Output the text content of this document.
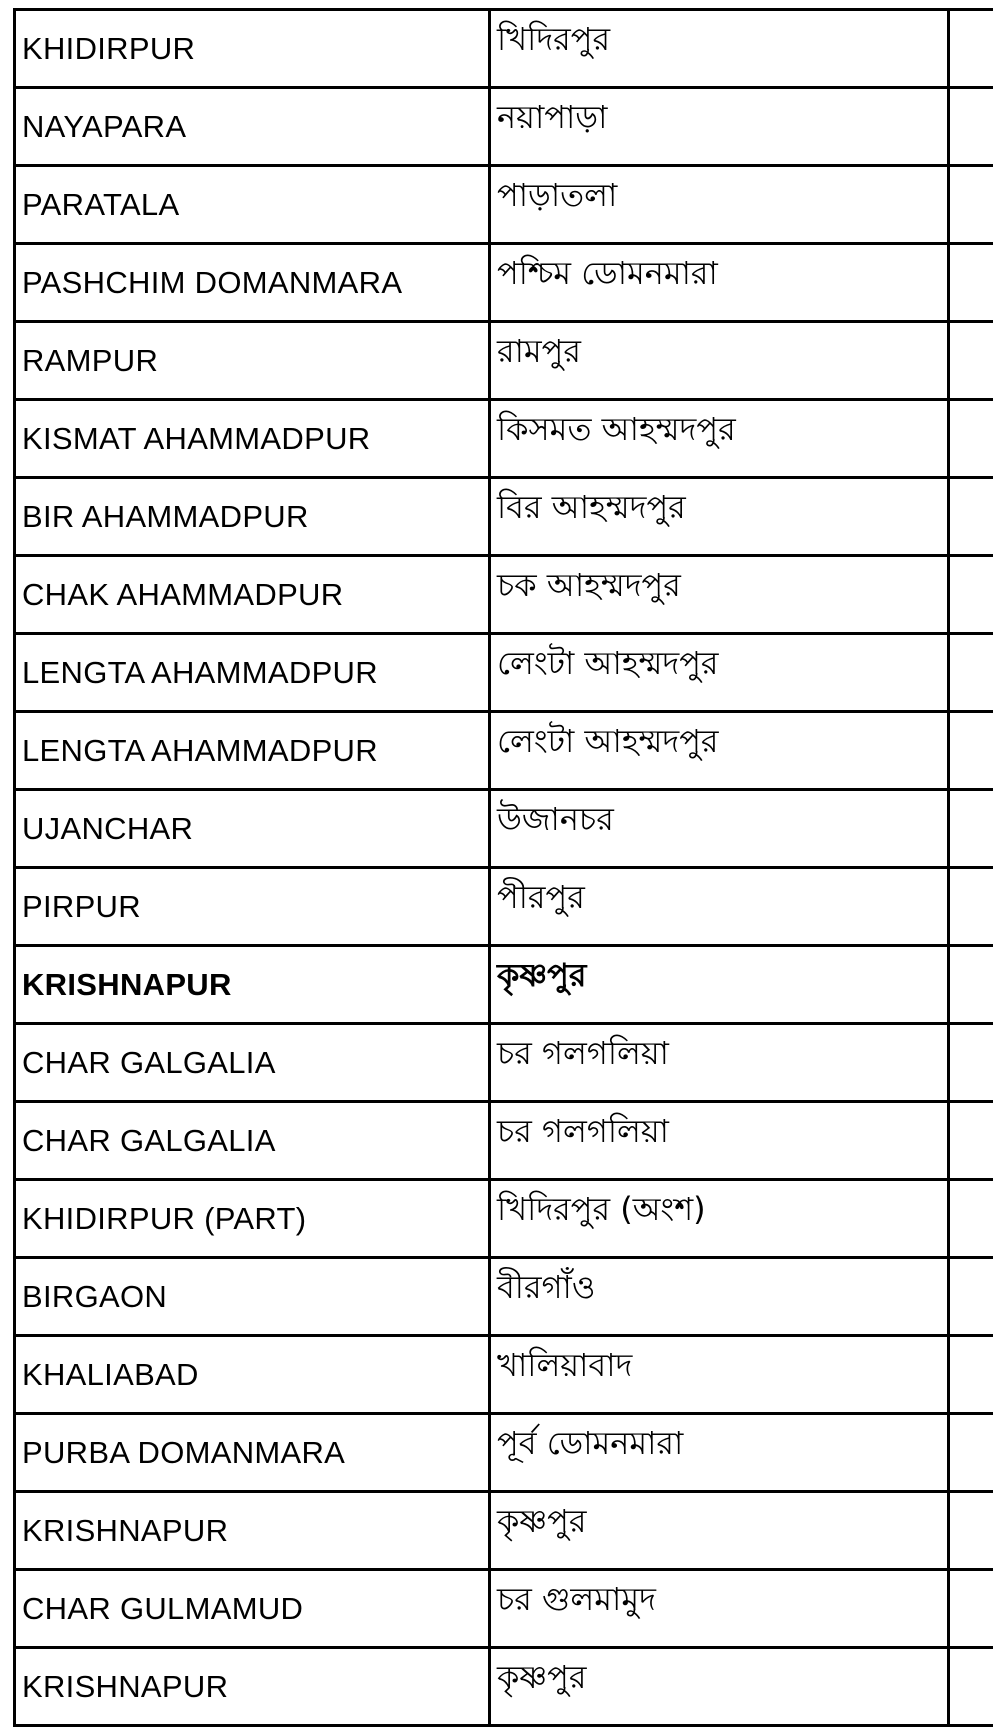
KHIDIRPUR	খিদিরপুর	
NAYAPARA	নয়াপাড়া	
PARATALA	পাড়াতলা	
PASHCHIM DOMANMARA	পশ্চিম ডোমনমারা	
RAMPUR	রামপুর	
KISMAT AHAMMADPUR	কিসমত আহম্মদপুর	
BIR AHAMMADPUR	বির আহম্মদপুর	
CHAK AHAMMADPUR	চক আহম্মদপুর	
LENGTA AHAMMADPUR	লেংটা আহম্মদপুর	
LENGTA AHAMMADPUR	লেংটা আহম্মদপুর	
UJANCHAR	উজানচর	
PIRPUR	পীরপুর	
KRISHNAPUR	কৃষ্ণপুর	
CHAR GALGALIA	চর গলগলিয়া	
CHAR GALGALIA	চর গলগলিয়া	
KHIDIRPUR (PART)	খিদিরপুর (অংশ)	
BIRGAON	বীরগাঁও	
KHALIABAD	খালিয়াবাদ	
PURBA DOMANMARA	পূর্ব ডোমনমারা	
KRISHNAPUR	কৃষ্ণপুর	
CHAR GULMAMUD	চর গুলমামুদ	
KRISHNAPUR	কৃষ্ণপুর	
